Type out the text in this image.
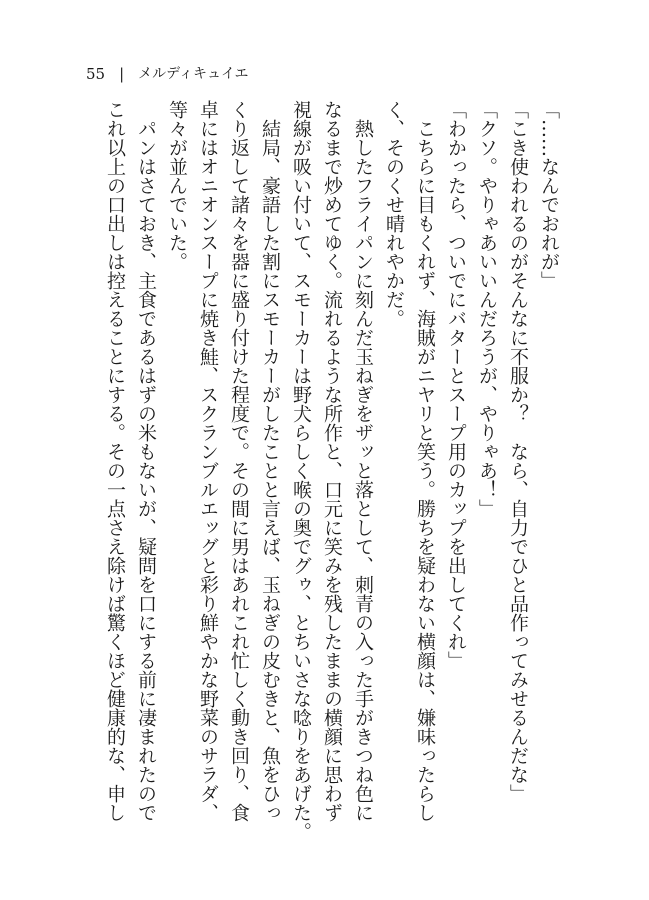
55 | メルディキュイエ

「……なんでおれが」

「こき使われるのがそんなに不服か？　なら、自力でひと品作ってみせるんだな」

「クソ。やりゃあいいんだろうが、やりゃあ！」

「わかったら、ついでにバターとスープ用のカップを出してくれ」

　こちらに目もくれず、海賊がニヤリと笑う。勝ちを疑わない横顔は、嫌味ったらし

く、そのくせ晴れやかだ。

　熱したフライパンに刻んだ玉ねぎをザッと落として、刺青の入った手がきつね色に

なるまで炒めてゆく。流れるような所作と、口元に笑みを残したままの横顔に思わず

視線が吸い付いて、スモーカーは野犬らしく喉の奥でグゥ、とちいさな唸りをあげた。

　結局、豪語した割にスモーカーがしたことと言えば、玉ねぎの皮むきと、魚をひっ

くり返して諸々を器に盛り付けた程度で。その間に男はあれこれ忙しく動き回り、食

卓にはオニオンスープに焼き鮭、スクランブルエッグと彩り鮮やかな野菜のサラダ、

等々が並んでいた。

　パンはさておき、主食であるはずの米もないが、疑問を口にする前に凄まれたので

これ以上の口出しは控えることにする。その一点さえ除けば驚くほど健康的な、申し
